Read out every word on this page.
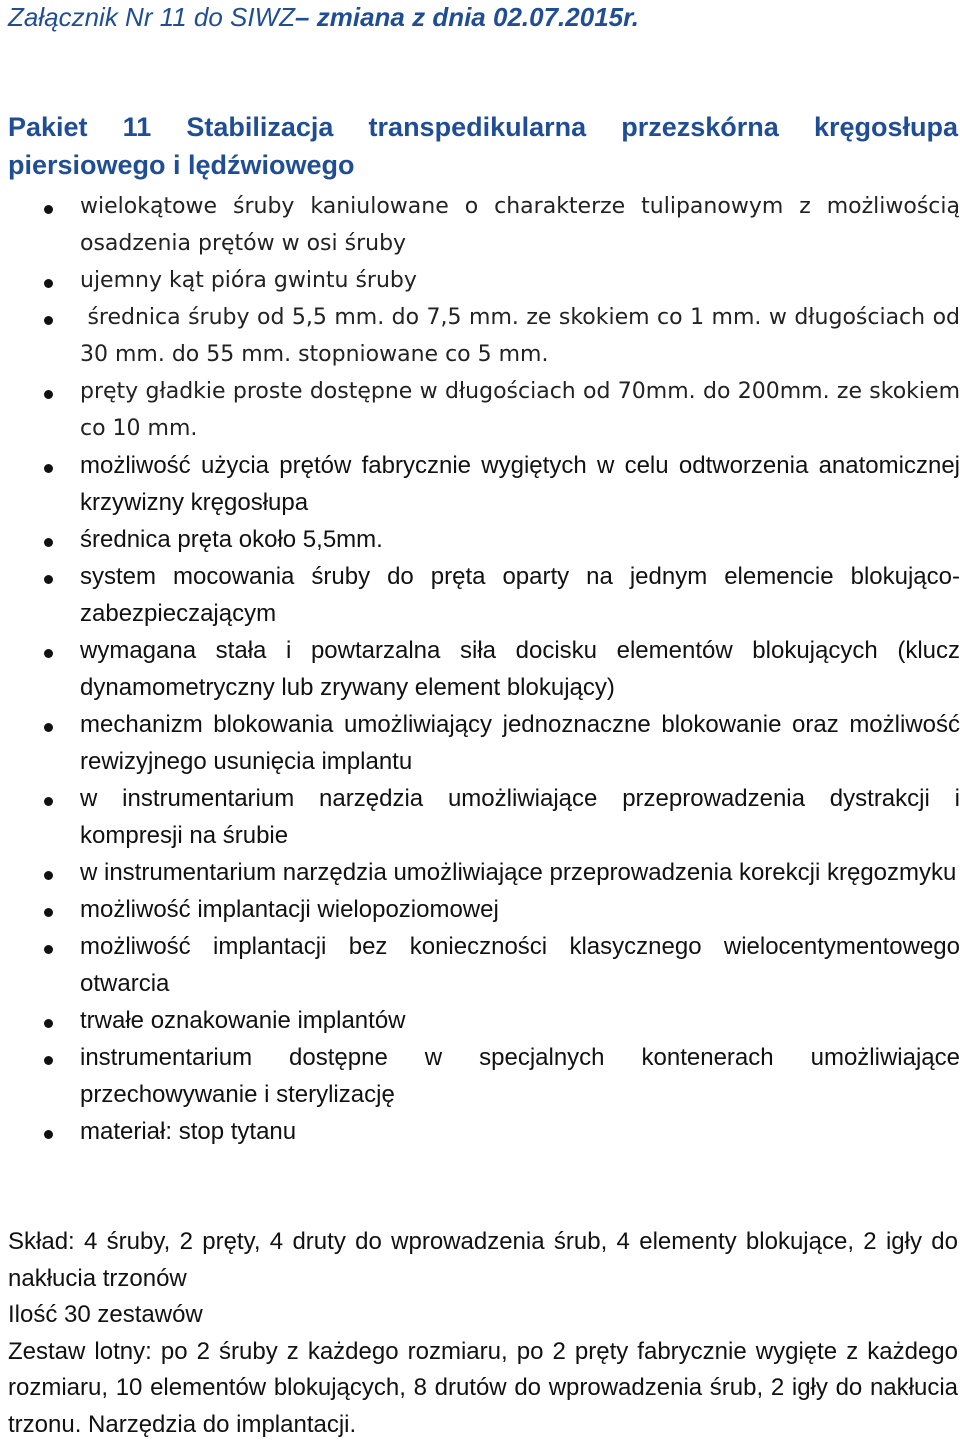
Załącznik Nr 11 do SIWZ– zmiana z dnia 02.07.2015r.
Pakiet 11 Stabilizacja transpedikularna przezskórna kręgosłupa piersiowego i lędźwiowego
wielokątowe śruby kaniulowane o charakterze tulipanowym z możliwością osadzenia prętów w osi śruby
ujemny kąt pióra gwintu śruby
średnica śruby od 5,5 mm. do 7,5 mm. ze skokiem co 1 mm. w długościach od 30 mm. do 55 mm. stopniowane co 5 mm.
pręty gładkie proste dostępne w długościach od 70mm. do 200mm. ze skokiem co 10 mm.
możliwość użycia prętów fabrycznie wygiętych w celu odtworzenia anatomicznej krzywizny kręgosłupa
średnica pręta około 5,5mm.
system mocowania śruby do pręta oparty na jednym elemencie blokująco-zabezpieczającym
wymagana stała i powtarzalna siła docisku elementów blokujących (klucz dynamometryczny lub zrywany element blokujący)
mechanizm blokowania umożliwiający jednoznaczne blokowanie oraz możliwość rewizyjnego usunięcia implantu
w instrumentarium narzędzia umożliwiające przeprowadzenia dystrakcji i kompresji na śrubie
w instrumentarium narzędzia umożliwiające przeprowadzenia korekcji kręgozmyku
możliwość implantacji wielopoziomowej
możliwość implantacji bez konieczności klasycznego wielocentymentowego otwarcia
trwałe oznakowanie implantów
instrumentarium dostępne w specjalnych kontenerach umożliwiające przechowywanie i sterylizację
materiał: stop tytanu

Skład: 4 śruby, 2 pręty, 4 druty do wprowadzenia śrub, 4 elementy blokujące, 2 igły do nakłucia trzonów

Ilość 30 zestawów

Zestaw lotny: po 2 śruby z każdego rozmiaru, po 2 pręty fabrycznie wygięte z każdego rozmiaru, 10 elementów blokujących, 8 drutów do wprowadzenia śrub, 2 igły do nakłucia trzonu. Narzędzia do implantacji.
